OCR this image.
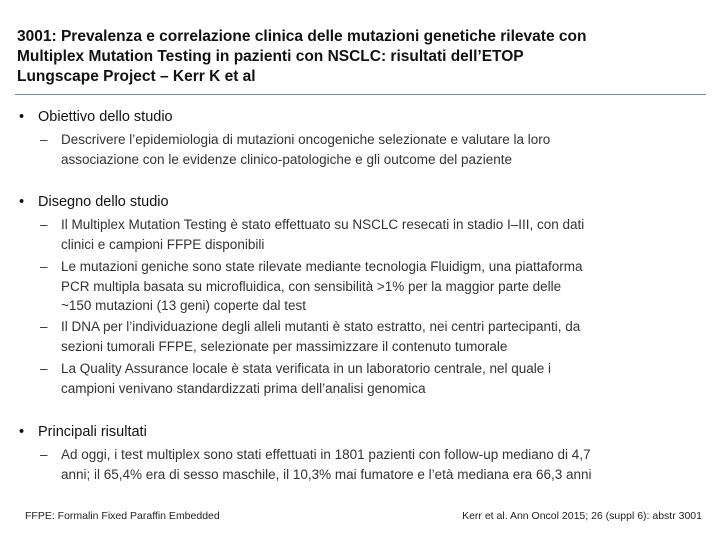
3001: Prevalenza e correlazione clinica delle mutazioni genetiche rilevate con
Multiplex Mutation Testing in pazienti con NSCLC: risultati dell’ETOP
Lungscape Project – Kerr K et al
• Obiettivo dello studio
– Descrivere l’epidemiologia di mutazioni oncogeniche selezionate e valutare la loro
associazione con le evidenze clinico-patologiche e gli outcome del paziente
• Disegno dello studio
– Il Multiplex Mutation Testing è stato effettuato su NSCLC resecati in stadio I–III, con dati
clinici e campioni FFPE disponibili
– Le mutazioni geniche sono state rilevate mediante tecnologia Fluidigm, una piattaforma
PCR multipla basata su microfluidica, con sensibilità >1% per la maggior parte delle
~150 mutazioni (13 geni) coperte dal test
– Il DNA per l’individuazione degli alleli mutanti è stato estratto, nei centri partecipanti, da
sezioni tumorali FFPE, selezionate per massimizzare il contenuto tumorale
– La Quality Assurance locale è stata verificata in un laboratorio centrale, nel quale i
campioni venivano standardizzati prima dell’analisi genomica
• Principali risultati
– Ad oggi, i test multiplex sono stati effettuati in 1801 pazienti con follow-up mediano di 4,7
anni; il 65,4% era di sesso maschile, il 10,3% mai fumatore e l’età mediana era 66,3 anni
FFPE: Formalin Fixed Paraffin Embedded	Kerr et al. Ann Oncol 2015; 26 (suppl 6): abstr 3001
